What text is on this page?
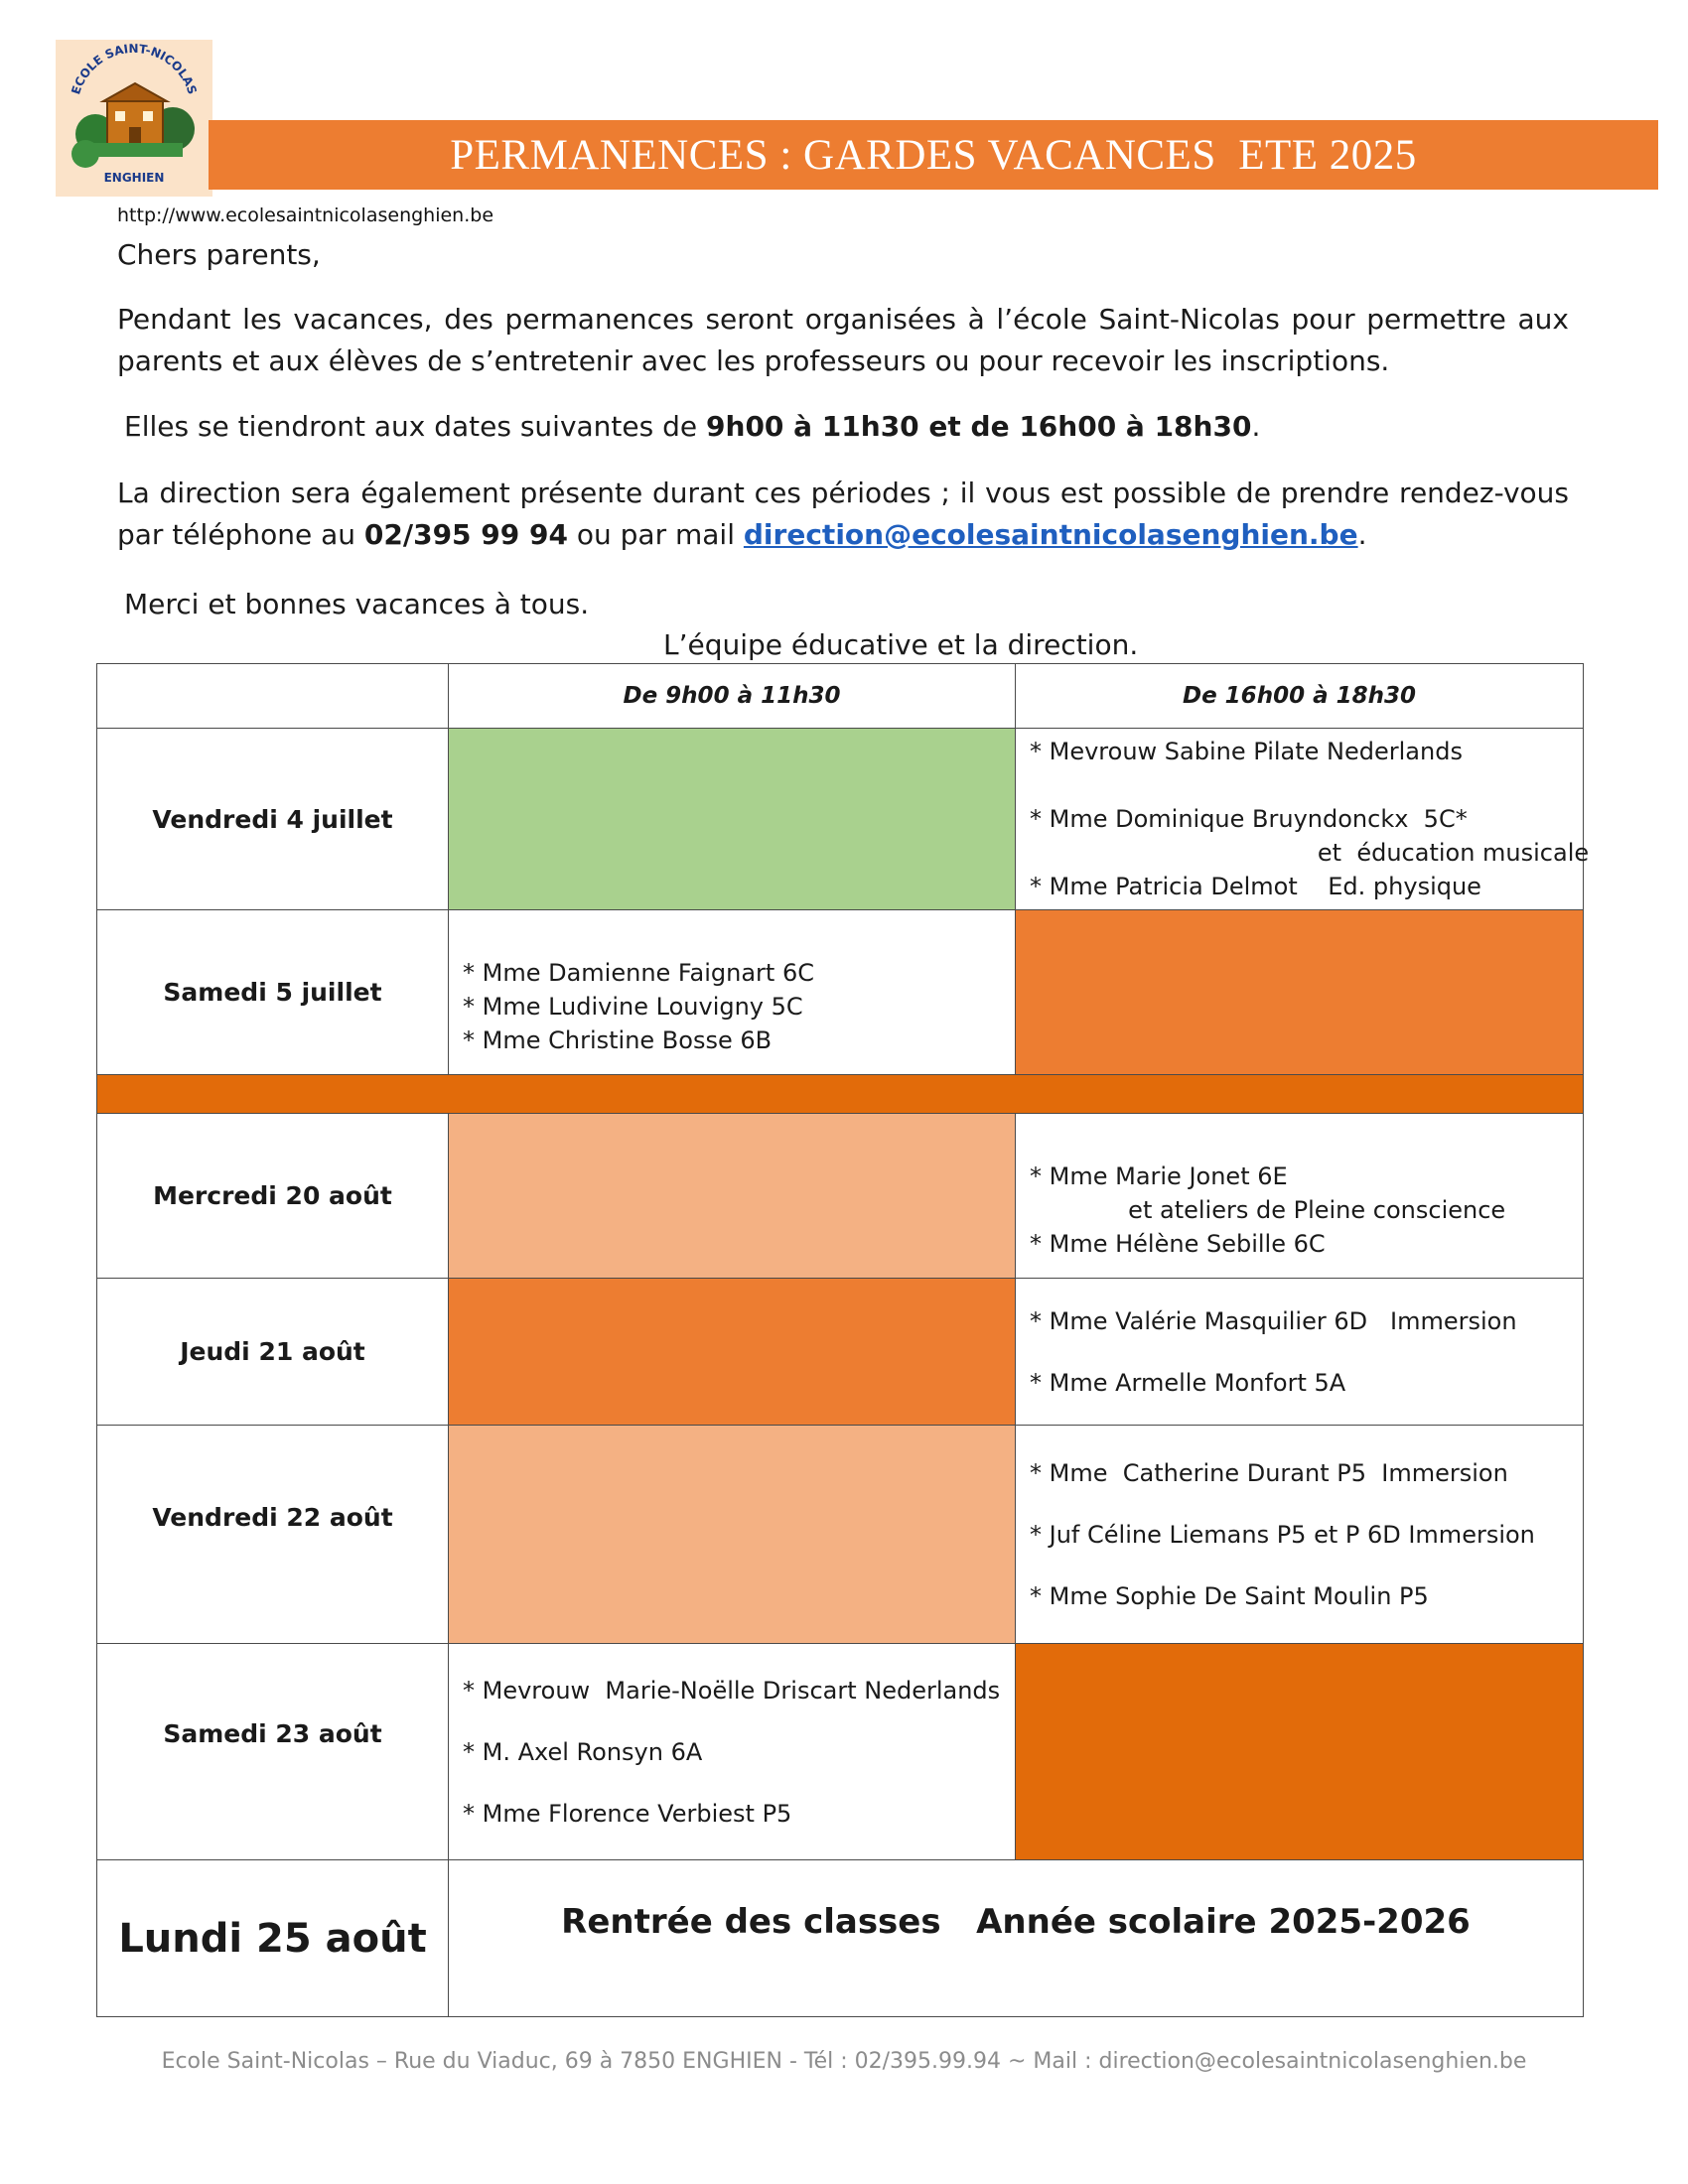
ECOLE SAINT-NICOLAS
ENGHIEN	PERMANENCES : GARDES VACANCES  ETE 2025
http://www.ecolesaintnicolasenghien.be
Chers parents,
Pendant les vacances, des permanences seront organisées à l’école Saint-Nicolas pour permettre aux parents et aux élèves de s’entretenir avec les professeurs ou pour recevoir les inscriptions.
Elles se tiendront aux dates suivantes de 9h00 à 11h30 et de 16h00 à 18h30.
La direction sera également présente durant ces périodes ; il vous est possible de prendre rendez-vous par téléphone au 02/395 99 94 ou par mail direction@ecolesaintnicolasenghien.be.
Merci et bonnes vacances à tous.
L’équipe éducative et la direction.
	De 9h00 à 11h30	De 16h00 à 18h30
Vendredi 4 juillet		* Mevrouw Sabine Pilate Nederlands
* Mme Dominique Bruyndonckx  5C*
et  éducation musicale
* Mme Patricia Delmot    Ed. physique

Samedi 5 juillet	* Mme Damienne Faignart 6C
* Mme Ludivine Louvigny 5C
* Mme Christine Bosse 6B	

Mercredi 20 août		* Mme Marie Jonet 6E
et ateliers de Pleine conscience
* Mme Hélène Sebille 6C

Jeudi 21 août		* Mme Valérie Masquilier 6D   Immersion
* Mme Armelle Monfort 5A

Vendredi 22 août		* Mme  Catherine Durant P5  Immersion
* Juf Céline Liemans P5 et P 6D Immersion
* Mme Sophie De Saint Moulin P5

Samedi 23 août	* Mevrouw  Marie-Noëlle Driscart Nederlands
* M. Axel Ronsyn 6A
* Mme Florence Verbiest P5	

Lundi 25 août	Rentrée des classes   Année scolaire 2025-2026	
Ecole Saint-Nicolas – Rue du Viaduc, 69 à 7850 ENGHIEN - Tél : 02/395.99.94 ~ Mail : direction@ecolesaintnicolasenghien.be
